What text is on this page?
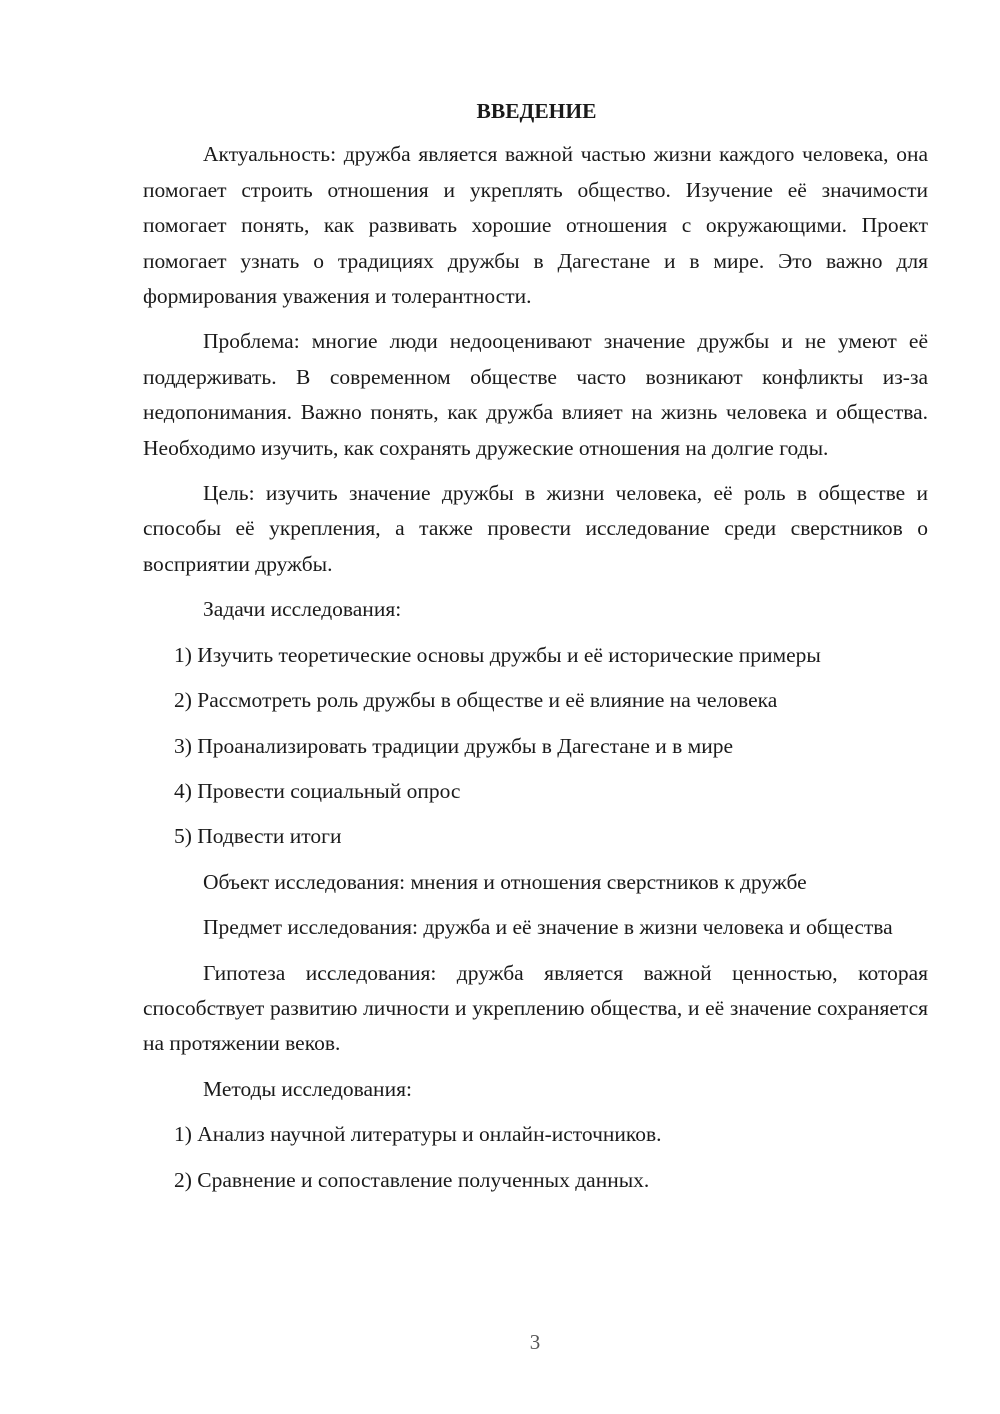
ВВЕДЕНИЕ

Актуальность: дружба является важной частью жизни каждого человека, она помогает строить отношения и укреплять общество. Изучение её значимости помогает понять, как развивать хорошие отношения с окружающими. Проект помогает узнать о традициях дружбы в Дагестане и в мире. Это важно для формирования уважения и толерантности.

Проблема: многие люди недооценивают значение дружбы и не умеют её поддерживать. В современном обществе часто возникают конфликты из-за недопонимания. Важно понять, как дружба влияет на жизнь человека и общества. Необходимо изучить, как сохранять дружеские отношения на долгие годы.

Цель: изучить значение дружбы в жизни человека, её роль в обществе и способы её укрепления, а также провести исследование среди сверстников о восприятии дружбы.

Задачи исследования:

1) Изучить теоретические основы дружбы и её исторические примеры
2) Рассмотреть роль дружбы в обществе и её влияние на человека
3) Проанализировать традиции дружбы в Дагестане и в мире
4) Провести социальный опрос
5) Подвести итоги

Объект исследования: мнения и отношения сверстников к дружбе

Предмет исследования: дружба и её значение в жизни человека и общества

Гипотеза исследования: дружба является важной ценностью, которая способствует развитию личности и укреплению общества, и её значение сохраняется на протяжении веков.

Методы исследования:

1) Анализ научной литературы и онлайн-источников.
2) Сравнение и сопоставление полученных данных.
3
